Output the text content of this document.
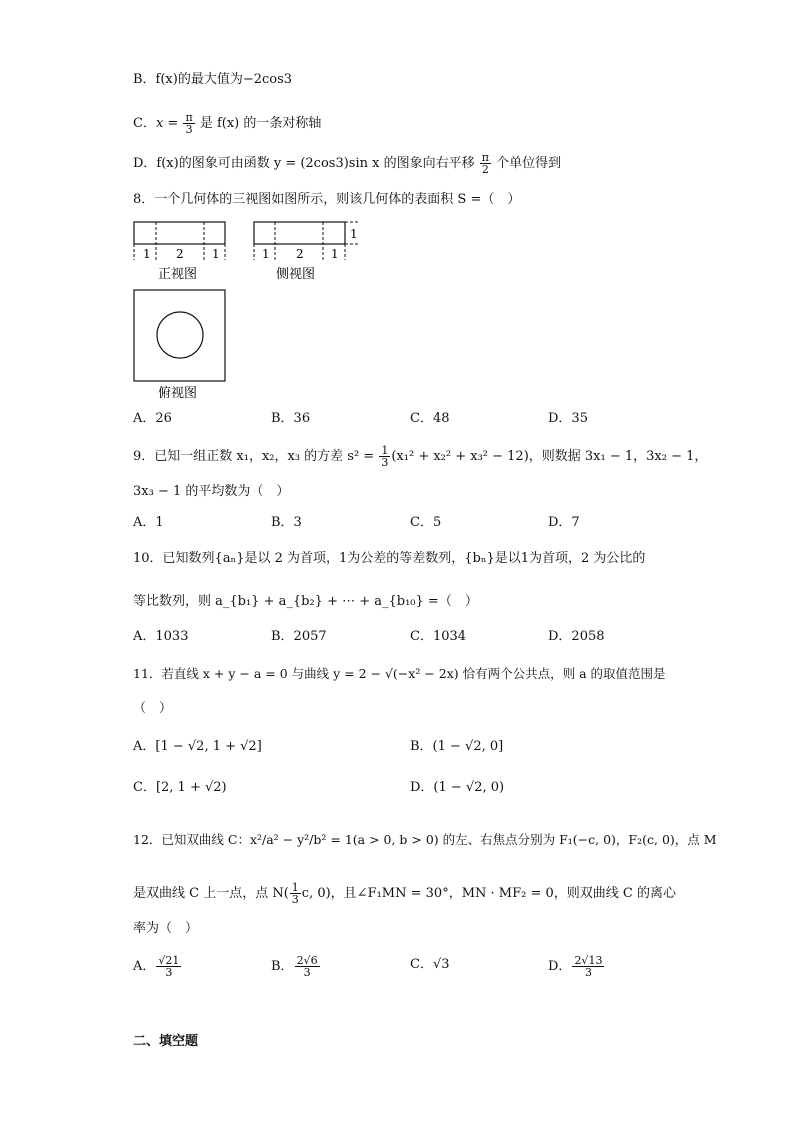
B．f(x)的最大值为−2cos3
C．$x = \frac{\pi}{3}$ 是 f(x) 的一条对称轴
D．f(x)的图象可由函数 y = (2cos3)sin x 的图象向右平移 $\frac{\pi}{2}$ 个单位得到
8．一个几何体的三视图如图所示，则该几何体的表面积 S =（　）
1 2 1
正视图
1
1 2 1
侧视图
俯视图
A．26	B．36	C．48	D．35
9．已知一组正数 x₁，x₂，x₃ 的方差 $s^2 = \frac{1}{3} (x_1^2 + x_2^2 + x_3^2 - 12)$，则数据 3x₁ − 1，3x₂ − 1，
3x₃ − 1 的平均数为（　）
A．1	B．3	C．5	D．7
10．已知数列{aₙ}是以 2 为首项，1为公差的等差数列，{bₙ}是以1为首项，2 为公比的
等比数列，则 a_{b₁} + a_{b₂} + ⋯ + a_{b₁₀} =（　）
A．1033	B．2057	C．1034	D．2058
11．若直线 x + y − a = 0 与曲线 y = 2 − √(−x² − 2x) 恰有两个公共点，则 a 的取值范围是
（　）
A．[1 − √2, 1 + √2]	B．(1 − √2, 0]
C．[2, 1 + √2)	D．(1 − √2, 0)
12．已知双曲线 C：x²/a² − y²/b² = 1(a > 0, b > 0) 的左、右焦点分别为 F₁(−c, 0)，F₂(c, 0)，点 M
是双曲线 C 上一点，点 $N( \frac{1}{3} c$, 0)，且∠F₁MN = 30°，MN · MF₂ = 0，则双曲线 C 的离心
率为（　）
A． $\frac{√21}{3}$	B． $\frac{2√6}{3}$	C．√3	D． $\frac{2√13}{3}$
二、填空题
